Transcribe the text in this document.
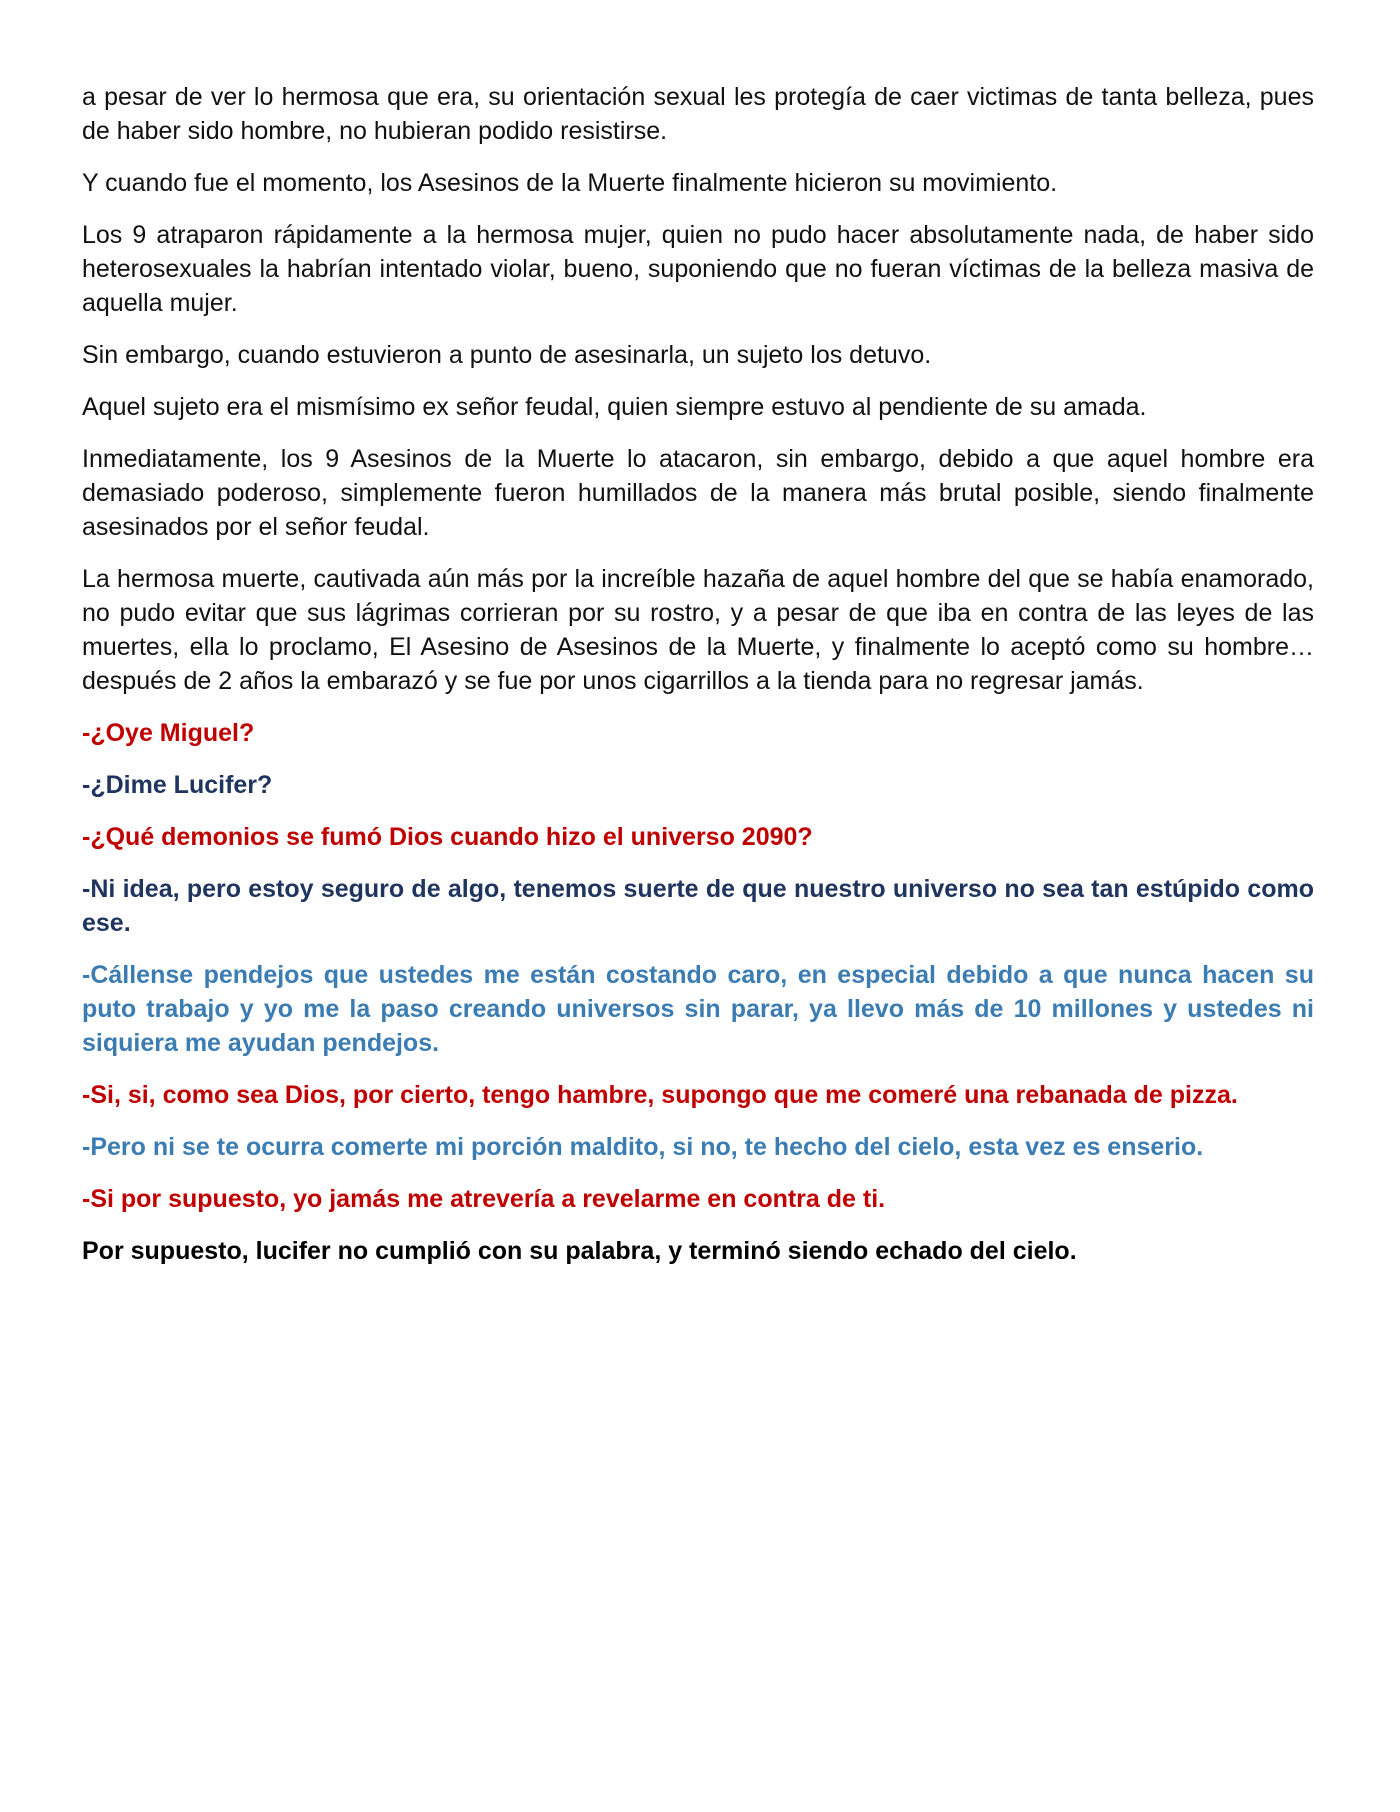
a pesar de ver lo hermosa que era, su orientación sexual les protegía de caer victimas de tanta belleza, pues de haber sido hombre, no hubieran podido resistirse.

Y cuando fue el momento, los Asesinos de la Muerte finalmente hicieron su movimiento.

Los 9 atraparon rápidamente a la hermosa mujer, quien no pudo hacer absolutamente nada, de haber sido heterosexuales la habrían intentado violar, bueno, suponiendo que no fueran víctimas de la belleza masiva de aquella mujer.

Sin embargo, cuando estuvieron a punto de asesinarla, un sujeto los detuvo.

Aquel sujeto era el mismísimo ex señor feudal, quien siempre estuvo al pendiente de su amada.

Inmediatamente, los 9 Asesinos de la Muerte lo atacaron, sin embargo, debido a que aquel hombre era demasiado poderoso, simplemente fueron humillados de la manera más brutal posible, siendo finalmente asesinados por el señor feudal.

La hermosa muerte, cautivada aún más por la increíble hazaña de aquel hombre del que se había enamorado, no pudo evitar que sus lágrimas corrieran por su rostro, y a pesar de que iba en contra de las leyes de las muertes, ella lo proclamo, El Asesino de Asesinos de la Muerte, y finalmente lo aceptó como su hombre… después de 2 años la embarazó y se fue por unos cigarrillos a la tienda para no regresar jamás.

-¿Oye Miguel?

-¿Dime Lucifer?

-¿Qué demonios se fumó Dios cuando hizo el universo 2090?

-Ni idea, pero estoy seguro de algo, tenemos suerte de que nuestro universo no sea tan estúpido como ese.

-Cállense pendejos que ustedes me están costando caro, en especial debido a que nunca hacen su puto trabajo y yo me la paso creando universos sin parar, ya llevo más de 10 millones y ustedes ni siquiera me ayudan pendejos.

-Si, si, como sea Dios, por cierto, tengo hambre, supongo que me comeré una rebanada de pizza.

-Pero ni se te ocurra comerte mi porción maldito, si no, te hecho del cielo, esta vez es enserio.

-Si por supuesto, yo jamás me atrevería a revelarme en contra de ti.

Por supuesto, lucifer no cumplió con su palabra, y terminó siendo echado del cielo.
